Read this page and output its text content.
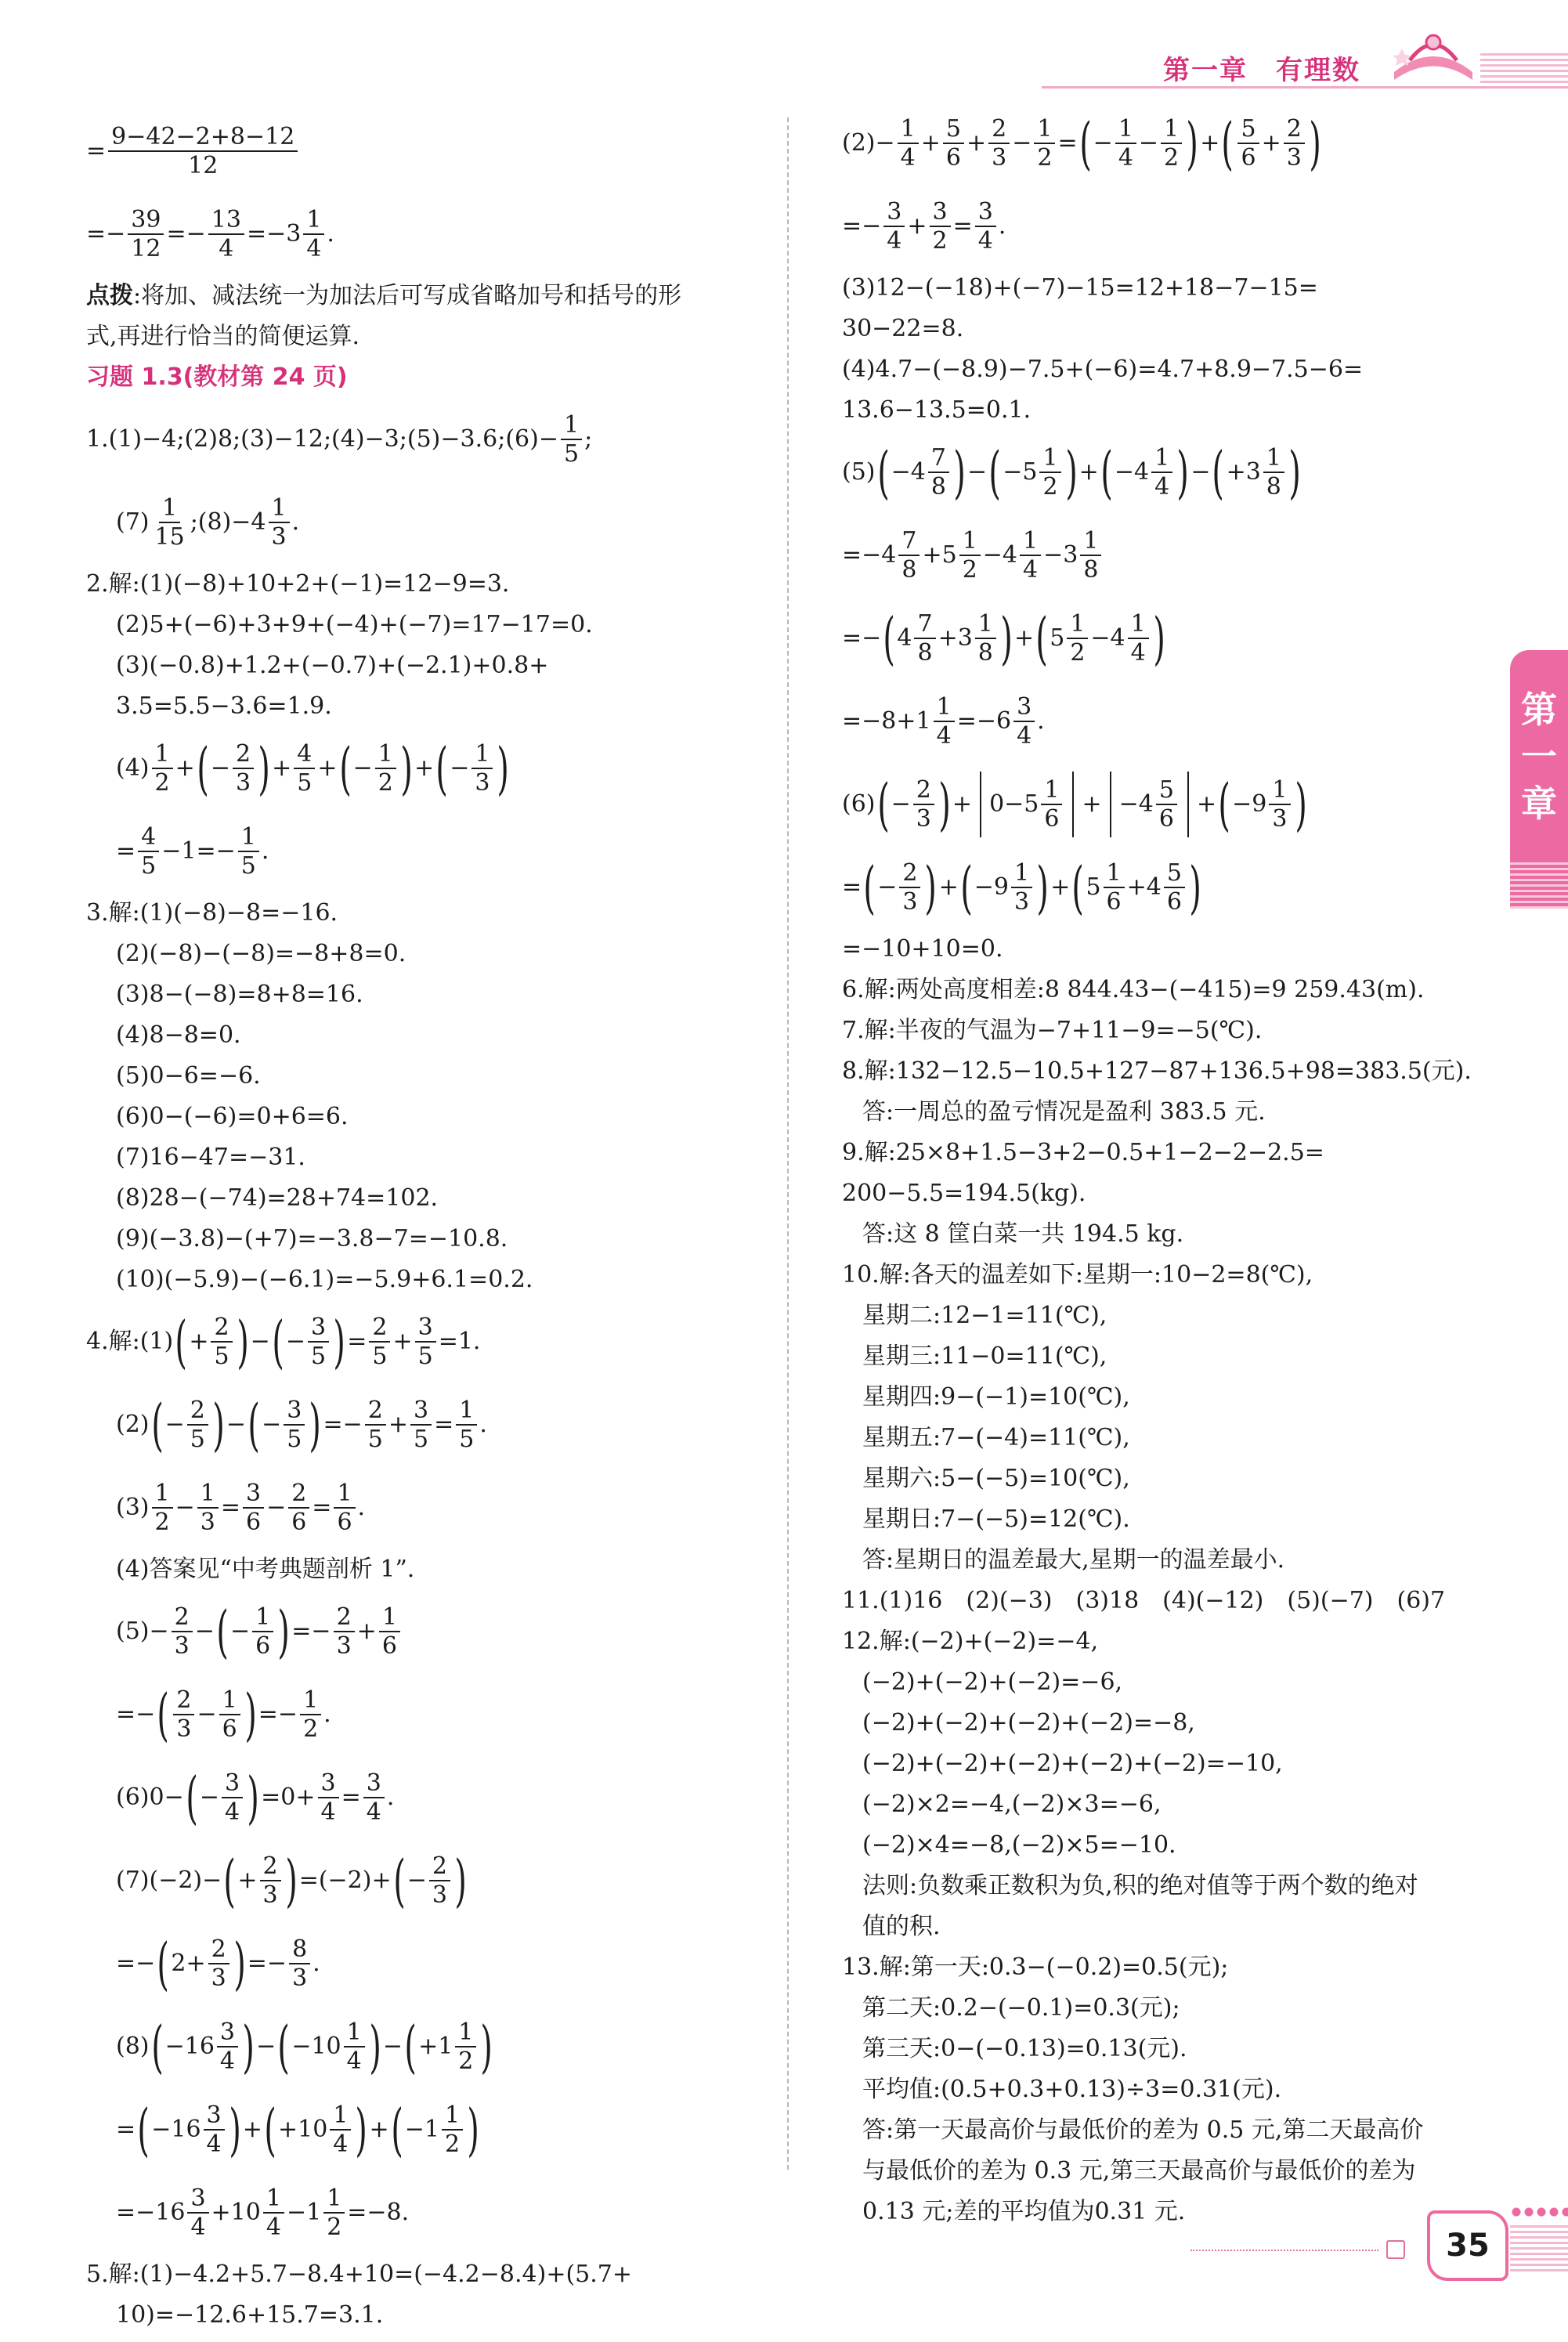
第一章　有理数
第
一
章
= $\frac{9-42-2+8-12}{12}$
=− $\frac{39}{12} =- \frac{13}{4} =-3$
1
4
.
点拨 :将加、减法统一为加法后可写成省略加号和括号的形
式,再进行恰当的简便运算.
习题 1.3(教材第 24 页)
1.(1)−4;(2)8;(3)−12;(4)−3;(5)−3.6;(6)− $\frac{1}{5}$ ;
(7)
1
15
;(8)−4
1
3
.
2.解:(1)(−8)+10+2+(−1)=12−9=3.
(2)5+(−6)+3+9+(−4)+(−7)=17−17=0.
(3)(−0.8)+1.2+(−0.7)+(−2.1)+0.8+
3.5=5.5−3.6=1.9.
(4)
1
2
+ ( − $\frac{2}{3}$ ) + $\frac{4}{5}$ + ( − $\frac{1}{2}$ ) + ( − $\frac{1}{3}$ )
= $\frac{4}{5} -1=- \frac{1}{5}$ .
3.解:(1)(−8)−8=−16.
(2)(−8)−(−8)=−8+8=0.
(3)8−(−8)=8+8=16.
(4)8−8=0.
(5)0−6=−6.
(6)0−(−6)=0+6=6.
(7)16−47=−31.
(8)28−(−74)=28+74=102.
(9)(−3.8)−(+7)=−3.8−7=−10.8.
(10)(−5.9)−(−6.1)=−5.9+6.1=0.2.
4.解:(1) ( + $\frac{2}{5}$ ) − ( − $\frac{3}{5}$ ) = $\frac{2}{5} + \frac{3}{5} =1$.
(2) ( − $\frac{2}{5}$ ) − ( − $\frac{3}{5}$ ) =− $\frac{2}{5} + \frac{3}{5} = \frac{1}{5}$ .
(3)
1
2
− $\frac{1}{3} = \frac{3}{6} - \frac{2}{6} = \frac{1}{6}$ .
(4)答案见“中考典题剖析 1”.
$(5)- \frac{2}{3}$ − ( − $\frac{1}{6}$ ) =− $\frac{2}{3} + \frac{1}{6}$
=− ( 2
3
− $\frac{1}{6}$ ) =− $\frac{1}{2}$ .
(6)0− ( − $\frac{3}{4}$ ) $=0+ \frac{3}{4} = \frac{3}{4}$ .
(7)(−2)− ( + $\frac{2}{3}$ ) =(−2)+ ( − $\frac{2}{3}$ )
=− ( $2+ \frac{2}{3}$ ) =− $\frac{8}{3}$ .
(8) ( −16
3
4 ) − ( −10
1
4 ) − ( +1
1
2 )
= ( −16
3
4 ) + ( +10
1
4 ) + ( −1
1
2 )
=−16
3
4
+10
1
4
$-1 \frac{1}{2} =-8$.
5.解:(1)−4.2+5.7−8.4+10=(−4.2−8.4)+(5.7+
10)=−12.6+15.7=3.1.
$(2)- \frac{1}{4} + \frac{5}{6} + \frac{2}{3} - \frac{1}{2}$ = ( − $\frac{1}{4} - \frac{1}{2}$ ) + ( 5
6
+ $\frac{2}{3}$ )
=− $\frac{3}{4} + \frac{3}{2} = \frac{3}{4}$ .
(3)12−(−18)+(−7)−15=12+18−7−15=
30−22=8.
(4)4.7−(−8.9)−7.5+(−6)=4.7+8.9−7.5−6=
13.6−13.5=0.1.
(5) ( −4
7
8 ) − ( −5
1
2 ) + ( −4
1
4 ) − ( +3
1
8 )
=−4
7
8
+5
1
2
−4
1
4
−3
1
8
=− ( 4
7
8
+3
1
8 ) + ( 5
1
2
−4
1
4 )
$=-8+1 \frac{1}{4} =-6$
3
4
.
(6) ( − $\frac{2}{3}$ ) + 0−5
1
6
+ −4
5
6
+ ( −9
1
3 )
= ( − $\frac{2}{3}$ ) + ( −9
1
3 ) + ( 5
1
6
+4
5
6 )
=−10+10=0.
6.解:两处高度相差:8 844.43−(−415)=9 259.43(m).
7.解:半夜的气温为−7+11−9=−5(℃).
8.解:132−12.5−10.5+127−87+136.5+98=383.5(元).
答:一周总的盈亏情况是盈利 383.5 元.
9.解:25×8+1.5−3+2−0.5+1−2−2−2.5=
200−5.5=194.5(kg).
答:这 8 筐白菜一共 194.5 kg.
10.解:各天的温差如下:星期一:10−2=8(℃),
星期二:12−1=11(℃),
星期三:11−0=11(℃),
星期四:9−(−1)=10(℃),
星期五:7−(−4)=11(℃),
星期六:5−(−5)=10(℃),
星期日:7−(−5)=12(℃).
答:星期日的温差最大,星期一的温差最小.
11.(1)16　(2)(−3)　(3)18　(4)(−12)　(5)(−7)　(6)7
12.解:(−2)+(−2)=−4,
(−2)+(−2)+(−2)=−6,
(−2)+(−2)+(−2)+(−2)=−8,
(−2)+(−2)+(−2)+(−2)+(−2)=−10,
(−2)×2=−4,(−2)×3=−6,
(−2)×4=−8,(−2)×5=−10.
法则:负数乘正数积为负,积的绝对值等于两个数的绝对
值的积.
13.解:第一天:0.3−(−0.2)=0.5(元);
第二天:0.2−(−0.1)=0.3(元);
第三天:0−(−0.13)=0.13(元).
平均值:(0.5+0.3+0.13)÷3=0.31(元).
答:第一天最高价与最低价的差为 0.5 元,第二天最高价
与最低价的差为 0.3 元,第三天最高价与最低价的差为
0.13 元;差的平均值为0.31 元.
35
